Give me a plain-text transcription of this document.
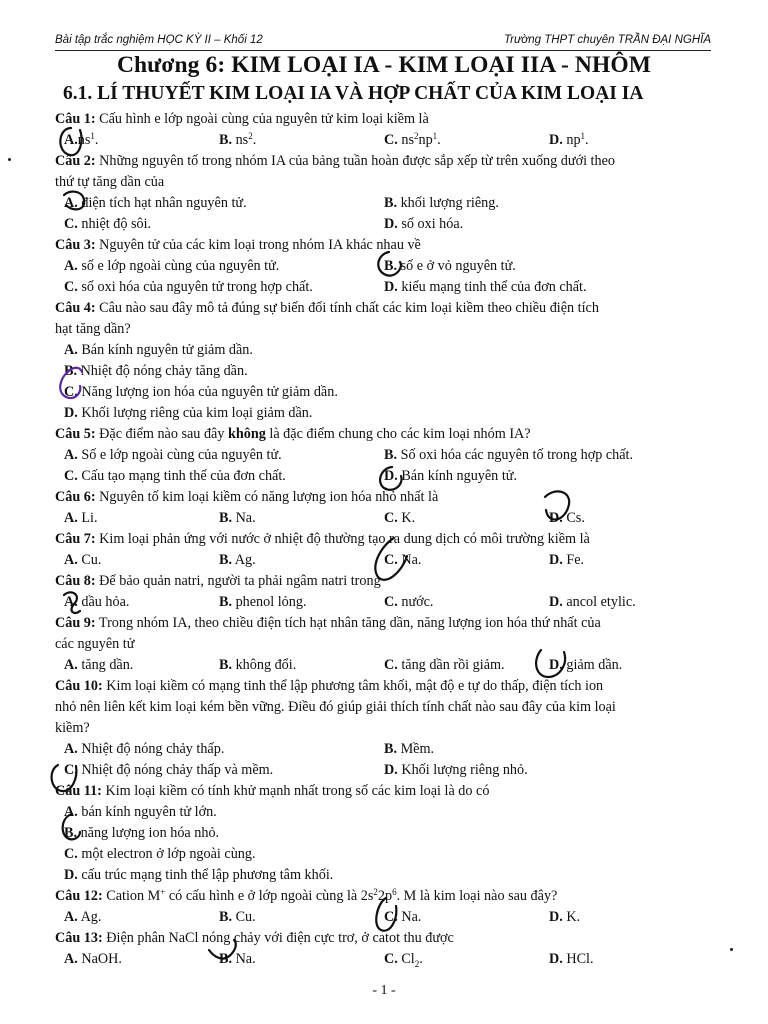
Bài tập trắc nghiệm HỌC KỲ II – Khối 12	Trường THPT chuyên TRẦN ĐẠI NGHĨA
Chương 6: KIM LOẠI IA - KIM LOẠI IIA - NHÔM
6.1. LÍ THUYẾT KIM LOẠI IA VÀ HỢP CHẤT CỦA KIM LOẠI IA
Câu 1: Cấu hình e lớp ngoài cùng của nguyên tử kim loại kiềm là
$A.ns^1$.	B. $ns^2$.	C. $ns^2np^1$.	D. $np^1$.
Câu 2: Những nguyên tố trong nhóm IA của bảng tuần hoàn được sắp xếp từ trên xuống dưới theo
thứ tự tăng dần của
A. điện tích hạt nhân nguyên tử.	B. khối lượng riêng.
C. nhiệt độ sôi.	D. số oxi hóa.
Câu 3: Nguyên tử của các kim loại trong nhóm IA khác nhau về
A. số e lớp ngoài cùng của nguyên tử.	B. số e ở vỏ nguyên tử.
C. số oxi hóa của nguyên tử trong hợp chất.	D. kiểu mạng tinh thể của đơn chất.
Câu 4: Câu nào sau đây mô tả đúng sự biến đổi tính chất các kim loại kiềm theo chiều điện tích
hạt tăng dần?
A. Bán kính nguyên tử giảm dần.
B. Nhiệt độ nóng chảy tăng dần.
C. Năng lượng ion hóa của nguyên tử giảm dần.
D. Khối lượng riêng của kim loại giảm dần.
Câu 5: Đặc điểm nào sau đây không là đặc điểm chung cho các kim loại nhóm IA?
A. Số e lớp ngoài cùng của nguyên tử.	B. Số oxi hóa các nguyên tố trong hợp chất.
C. Cấu tạo mạng tinh thể của đơn chất.	D. Bán kính nguyên tử.
Câu 6: Nguyên tố kim loại kiềm có năng lượng ion hóa nhỏ nhất là
A. Li.	B. Na.	C. K.	D. Cs.
Câu 7: Kim loại phản ứng với nước ở nhiệt độ thường tạo ra dung dịch có môi trường kiềm là
A. Cu.	B. Ag.	C. Na.	D. Fe.
Câu 8: Để bảo quản natri, người ta phải ngâm natri trong
A. dầu hỏa.	B. phenol lỏng.	C. nước.	D. ancol etylic.
Câu 9: Trong nhóm IA, theo chiều điện tích hạt nhân tăng dần, năng lượng ion hóa thứ nhất của
các nguyên tử
A. tăng dần.	B. không đổi.	C. tăng dần rồi giảm.	D. giảm dần.
Câu 10: Kim loại kiềm có mạng tinh thể lập phương tâm khối, mật độ e tự do thấp, điện tích ion
nhỏ nên liên kết kim loại kém bền vững. Điều đó giúp giải thích tính chất nào sau đây của kim loại
kiềm?
A. Nhiệt độ nóng chảy thấp.	B. Mềm.
C. Nhiệt độ nóng chảy thấp và mềm.	D. Khối lượng riêng nhỏ.
Câu 11: Kim loại kiềm có tính khử mạnh nhất trong số các kim loại là do có
A. bán kính nguyên tử lớn.
B. năng lượng ion hóa nhỏ.
C. một electron ở lớp ngoài cùng.
D. cấu trúc mạng tinh thể lập phương tâm khối.
Câu 12: Cation M+ có cấu hình e ở lớp ngoài cùng là $2s^22p^6$. M là kim loại nào sau đây?
A. Ag.	B. Cu.	C. Na.	D. K.
Câu 13: Điện phân NaCl nóng chảy với điện cực trơ, ở catot thu được
A. NaOH.	B. Na.	C. $Cl_2$.	D. HCl.
- 1 -
